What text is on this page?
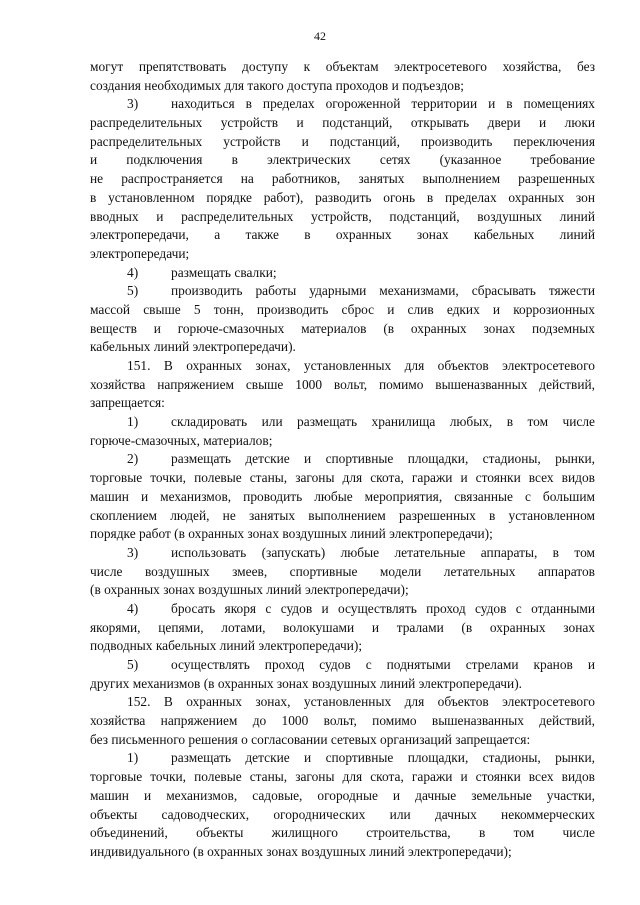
42
могут препятствовать доступу к объектам электросетевого хозяйства, без
создания необходимых для такого доступа проходов и подъездов;
3)	находиться в пределах огороженной территории и в помещениях
распределительных устройств и подстанций, открывать двери и люки
распределительных устройств и подстанций, производить переключения
и подключения в электрических сетях (указанное требование
не распространяется на работников, занятых выполнением разрешенных
в установленном порядке работ), разводить огонь в пределах охранных зон
вводных и распределительных устройств, подстанций, воздушных линий
электропередачи, а также в охранных зонах кабельных линий
электропередачи;
4) размещать свалки;
5)	производить работы ударными механизмами, сбрасывать тяжести
массой свыше 5 тонн, производить сброс и слив едких и коррозионных
веществ и горюче-смазочных материалов (в охранных зонах подземных
кабельных линий электропередачи).
151. В охранных зонах, установленных для объектов электросетевого
хозяйства напряжением свыше 1000 вольт, помимо вышеназванных действий,
запрещается:
1)	складировать или размещать хранилища любых, в том числе
горюче-смазочных, материалов;
2)	размещать детские и спортивные площадки, стадионы, рынки,
торговые точки, полевые станы, загоны для скота, гаражи и стоянки всех видов
машин и механизмов, проводить любые мероприятия, связанные с большим
скоплением людей, не занятых выполнением разрешенных в установленном
порядке работ (в охранных зонах воздушных линий электропередачи);
3)	использовать (запускать) любые летательные аппараты, в том
числе воздушных змеев, спортивные модели летательных аппаратов
(в охранных зонах воздушных линий электропередачи);
4)	бросать якоря с судов и осуществлять проход судов с отданными
якорями, цепями, лотами, волокушами и тралами (в охранных зонах
подводных кабельных линий электропередачи);
5)	осуществлять проход судов с поднятыми стрелами кранов и
других механизмов (в охранных зонах воздушных линий электропередачи).
152. В охранных зонах, установленных для объектов электросетевого
хозяйства напряжением до 1000 вольт, помимо вышеназванных действий,
без письменного решения о согласовании сетевых организаций запрещается:
1)	размещать детские и спортивные площадки, стадионы, рынки,
торговые точки, полевые станы, загоны для скота, гаражи и стоянки всех видов
машин и механизмов, садовые, огородные и дачные земельные участки,
объекты садоводческих, огороднических или дачных некоммерческих
объединений, объекты жилищного строительства, в том числе
индивидуального (в охранных зонах воздушных линий электропередачи);
